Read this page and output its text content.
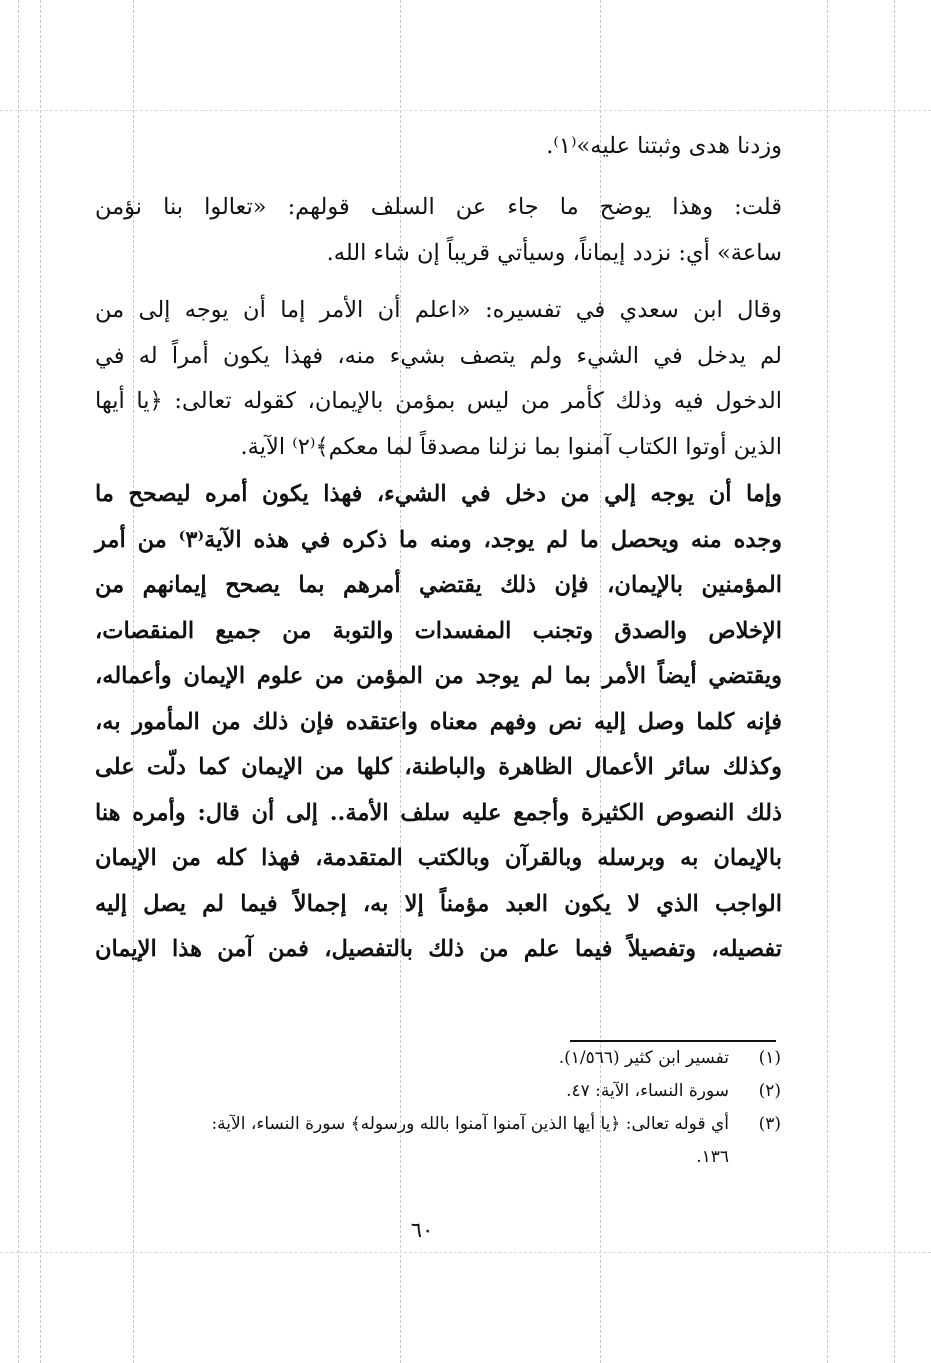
وزدنا هدى وثبتنا عليه»⁽١⁾.
قلت: وهذا يوضح ما جاء عن السلف قولهم: «تعالوا بنا نؤمن
ساعة» أي: نزدد إيماناً، وسيأتي قريباً إن شاء الله.
وقال ابن سعدي في تفسيره: «اعلم أن الأمر إما أن يوجه إلى من
لم يدخل في الشيء ولم يتصف بشيء منه، فهذا يكون أمراً له في
الدخول فيه وذلك كأمر من ليس بمؤمن بالإيمان، كقوله تعالى: ﴿يا أيها
الذين أوتوا الكتاب آمنوا بما نزلنا مصدقاً لما معكم﴾⁽٢⁾ الآية.
وإما أن يوجه إلي من دخل في الشيء، فهذا يكون أمره ليصحح ما
وجده منه ويحصل ما لم يوجد، ومنه ما ذكره في هذه الآية⁽٣⁾ من أمر
المؤمنين بالإيمان، فإن ذلك يقتضي أمرهم بما يصحح إيمانهم من
الإخلاص والصدق وتجنب المفسدات والتوبة من جميع المنقصات،
ويقتضي أيضاً الأمر بما لم يوجد من المؤمن من علوم الإيمان وأعماله،
فإنه كلما وصل إليه نص وفهم معناه واعتقده فإن ذلك من المأمور به،
وكذلك سائر الأعمال الظاهرة والباطنة، كلها من الإيمان كما دلّت على
ذلك النصوص الكثيرة وأجمع عليه سلف الأمة.. إلى أن قال: وأمره هنا
بالإيمان به وبرسله وبالقرآن وبالكتب المتقدمة، فهذا كله من الإيمان
الواجب الذي لا يكون العبد مؤمناً إلا به، إجمالاً فيما لم يصل إليه
تفصيله، وتفصيلاً فيما علم من ذلك بالتفصيل، فمن آمن هذا الإيمان
(١)تفسير ابن كثير (١/٥٦٦).
(٢)سورة النساء، الآية: ٤٧.
(٣)أي قوله تعالى: ﴿يا أيها الذين آمنوا آمنوا بالله ورسوله﴾ سورة النساء، الآية:
١٣٦.
٦٠
